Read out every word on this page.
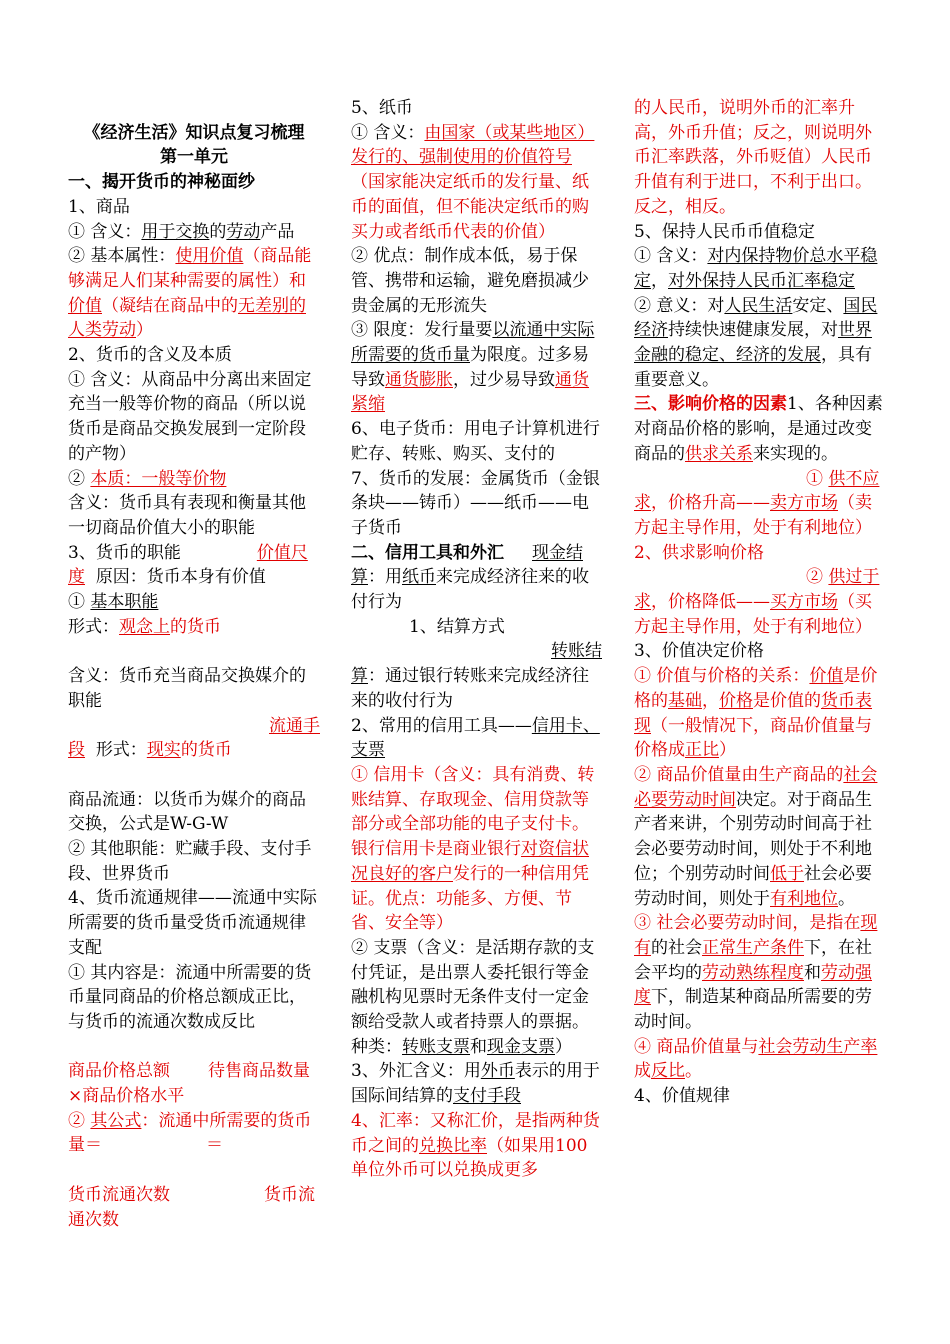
《经济生活》知识点复习梳理

第一单元

一、揭开货币的神秘面纱

1、商品

① 含义：用于交换的劳动产品

② 基本属性：使用价值（商品能够满足人们某种需要的属性）和价值（凝结在商品中的无差别的人类劳动）

2、货币的含义及本质

① 含义：从商品中分离出来固定充当一般等价物的商品（所以说货币是商品交换发展到一定阶段的产物）

② 本质：一般等价物

含义：货币具有表现和衡量其他一切商品价值大小的职能

3、货币的职能	价值尺度 原因：货币本身有价值

① 基本职能

形式：观念上的货币

含义：货币充当商品交换媒介的职能

流通手段 形式：现实的货币

商品流通：以货币为媒介的商品交换，公式是W-G-W

② 其他职能：贮藏手段、支付手段、世界货币

4、货币流通规律——流通中实际所需要的货币量受货币流通规律支配

① 其内容是：流通中所需要的货币量同商品的价格总额成正比，与货币的流通次数成反比

商品价格总额 待售商品数量×商品价格水平

② 其公式：流通中所需要的货币量＝	＝

货币流通次数	货币流通次数

5、纸币

① 含义：由国家（或某些地区）发行的、强制使用的价值符号（国家能决定纸币的发行量、纸币的面值，但不能决定纸币的购买力或者纸币代表的价值）

② 优点：制作成本低，易于保管、携带和运输，避免磨损减少贵金属的无形流失

③ 限度：发行量要以流通中实际所需要的货币量为限度。过多易导致通货膨胀，过少易导致通货紧缩

6、电子货币：用电子计算机进行贮存、转账、购买、支付的

7、货币的发展：金属货币（金银条块——铸币）——纸币——电子货币

二、信用工具和外汇 现金结算：用纸币来完成经济往来的收付行为

1、结算方式

转账结算：通过银行转账来完成经济往来的收付行为

2、常用的信用工具——信用卡、支票

① 信用卡（含义：具有消费、转账结算、存取现金、信用贷款等部分或全部功能的电子支付卡。银行信用卡是商业银行对资信状况良好的客户发行的一种信用凭证。优点：功能多、方便、节省、安全等）

② 支票（含义：是活期存款的支付凭证，是出票人委托银行等金融机构见票时无条件支付一定金额给受款人或者持票人的票据。种类：转账支票和现金支票）

3、外汇含义：用外币表示的用于国际间结算的支付手段

4、汇率：又称汇价，是指两种货币之间的兑换比率（如果用100单位外币可以兑换成更多

的人民币，说明外币的汇率升高，外币升值；反之，则说明外币汇率跌落，外币贬值）人民币升值有利于进口，不利于出口。反之，相反。

5、保持人民币币值稳定

① 含义：对内保持物价总水平稳定，对外保持人民币汇率稳定

② 意义：对人民生活安定、国民经济持续快速健康发展，对世界金融的稳定、经济的发展，具有重要意义。

三、影响价格的因素1、各种因素对商品价格的影响，是通过改变商品的供求关系来实现的。

① 供不应求，价格升高——卖方市场（卖方起主导作用，处于有利地位）

2、供求影响价格

② 供过于求，价格降低——买方市场（买方起主导作用，处于有利地位）

3、价值决定价格

① 价值与价格的关系：价值是价格的基础，价格是价值的货币表现（一般情况下，商品价值量与价格成正比）

② 商品价值量由生产商品的社会必要劳动时间决定。对于商品生产者来讲，个别劳动时间高于社会必要劳动时间，则处于不利地位；个别劳动时间低于社会必要劳动时间，则处于有利地位。

③ 社会必要劳动时间，是指在现有的社会正常生产条件下，在社会平均的劳动熟练程度和劳动强度下，制造某种商品所需要的劳动时间。

④ 商品价值量与社会劳动生产率成反比。

4、价值规律
